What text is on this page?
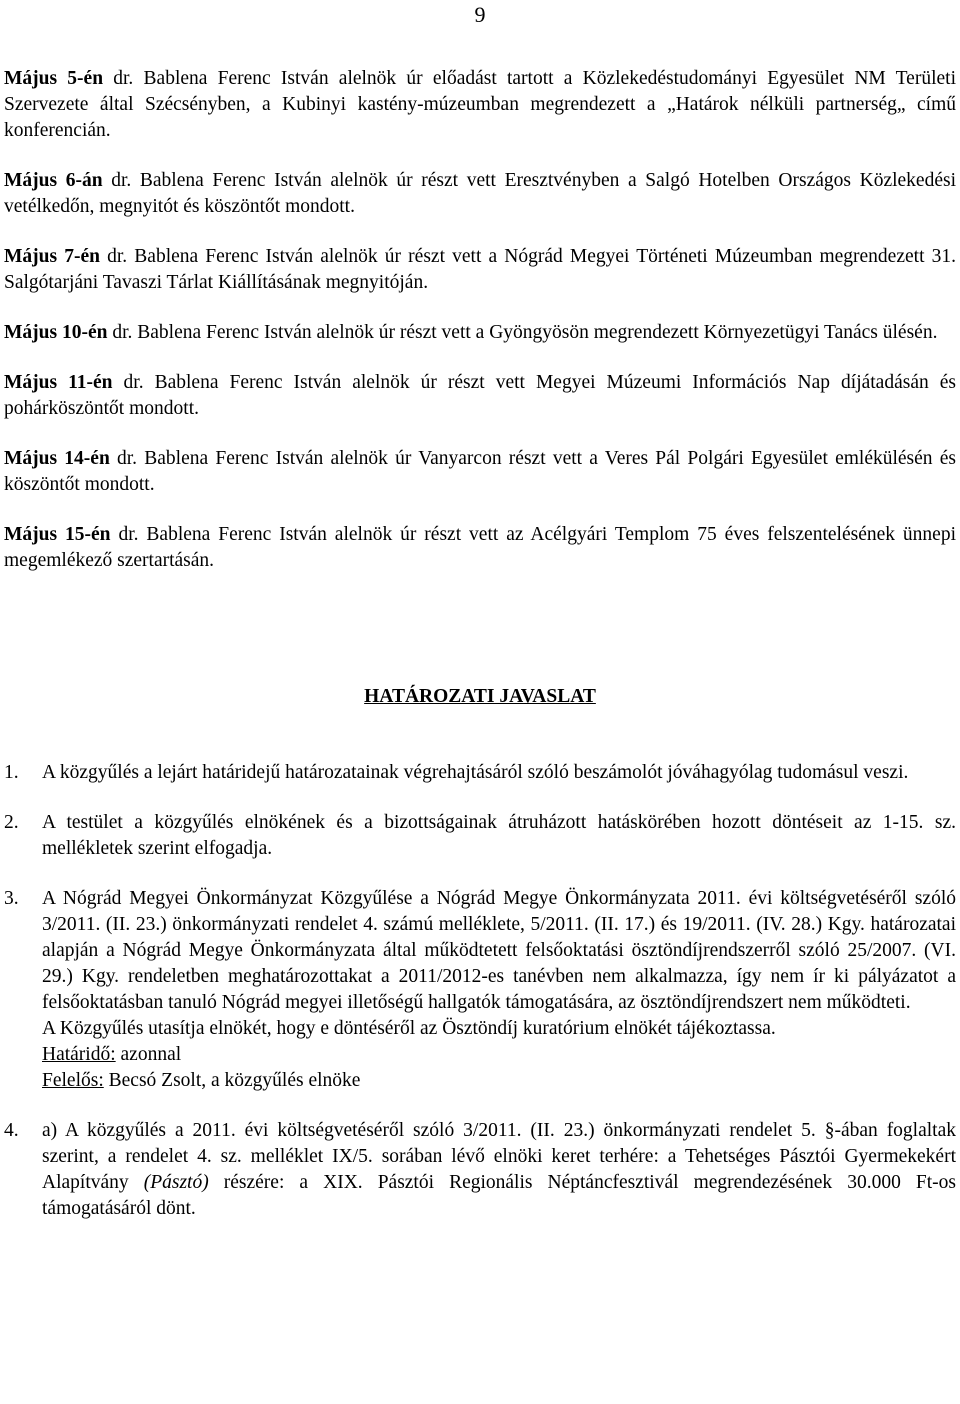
9

Május 5-én dr. Bablena Ferenc István alelnök úr előadást tartott a Közlekedéstudományi Egyesület NM Területi Szervezete által Szécsényben, a Kubinyi kastény-múzeumban megrendezett a „Határok nélküli partnerség„ című konferencián.

Május 6-án dr. Bablena Ferenc István alelnök úr részt vett Eresztvényben a Salgó Hotelben Országos Közlekedési vetélkedőn, megnyitót és köszöntőt mondott.

Május 7-én dr. Bablena Ferenc István alelnök úr részt vett a Nógrád Megyei Történeti Múzeumban megrendezett 31. Salgótarjáni Tavaszi Tárlat Kiállításának megnyitóján.

Május 10-én dr. Bablena Ferenc István alelnök úr részt vett a Gyöngyösön megrendezett Környezetügyi Tanács ülésén.

Május 11-én dr. Bablena Ferenc István alelnök úr részt vett Megyei Múzeumi Információs Nap díjátadásán és pohárköszöntőt mondott.

Május 14-én dr. Bablena Ferenc István alelnök úr Vanyarcon részt vett a Veres Pál Polgári Egyesület emlékülésén és köszöntőt mondott.

Május 15-én dr. Bablena Ferenc István alelnök úr részt vett az Acélgyári Templom 75 éves felszentelésének ünnepi megemlékező szertartásán.

HATÁROZATI JAVASLAT

1. A közgyűlés a lejárt határidejű határozatainak végrehajtásáról szóló beszámolót jóváhagyólag tudomásul veszi.

2. A testület a közgyűlés elnökének és a bizottságainak átruházott hatáskörében hozott döntéseit az 1-15. sz. mellékletek szerint elfogadja.

3. A Nógrád Megyei Önkormányzat Közgyűlése a Nógrád Megye Önkormányzata 2011. évi költségvetéséről szóló 3/2011. (II. 23.) önkormányzati rendelet 4. számú melléklete, 5/2011. (II. 17.) és 19/2011. (IV. 28.) Kgy. határozatai alapján a Nógrád Megye Önkormányzata által működtetett felsőoktatási ösztöndíjrendszerről szóló 25/2007. (VI. 29.) Kgy. rendeletben meghatározottakat a 2011/2012-es tanévben nem alkalmazza, így nem ír ki pályázatot a felsőoktatásban tanuló Nógrád megyei illetőségű hallgatók támogatására, az ösztöndíjrendszert nem működteti.

A Közgyűlés utasítja elnökét, hogy e döntéséről az Ösztöndíj kuratórium elnökét tájékoztassa.

Határidő: azonnal

Felelős: Becsó Zsolt, a közgyűlés elnöke

4. a) A közgyűlés a 2011. évi költségvetéséről szóló 3/2011. (II. 23.) önkormányzati rendelet 5. §-ában foglaltak szerint, a rendelet 4. sz. melléklet IX/5. sorában lévő elnöki keret terhére: a Tehetséges Pásztói Gyermekekért Alapítvány (Pásztó) részére: a XIX. Pásztói Regionális Néptáncfesztivál megrendezésének 30.000 Ft-os támogatásáról dönt.
